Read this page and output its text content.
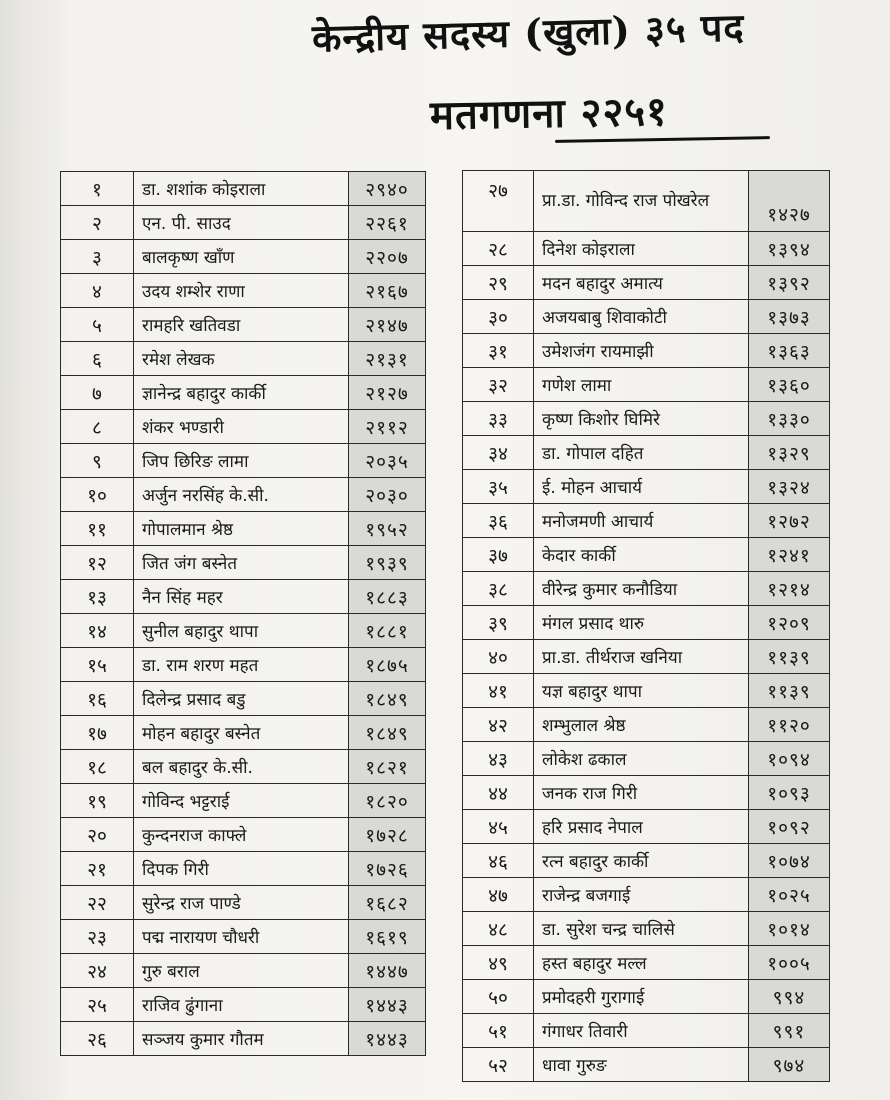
केन्द्रीय सदस्य (खुला) ३५ पद
मतगणना २२५१
१	डा. शशांक कोइराला	२९४०
२	एन. पी. साउद	२२६१
३	बालकृष्ण खाँण	२२०७
४	उदय शम्शेर राणा	२१६७
५	रामहरि खतिवडा	२१४७
६	रमेश लेखक	२१३१
७	ज्ञानेन्द्र बहादुर कार्की	२१२७
८	शंकर भण्डारी	२११२
९	जिप छिरिङ लामा	२०३५
१०	अर्जुन नरसिंह के.सी.	२०३०
११	गोपालमान श्रेष्ठ	१९५२
१२	जित जंग बस्नेत	१९३९
१३	नैन सिंह महर	१८८३
१४	सुनील बहादुर थापा	१८८१
१५	डा. राम शरण महत	१८७५
१६	दिलेन्द्र प्रसाद बडु	१८४९
१७	मोहन बहादुर बस्नेत	१८४९
१८	बल बहादुर के.सी.	१८२१
१९	गोविन्द भट्टराई	१८२०
२०	कुन्दनराज काफ्ले	१७२८
२१	दिपक गिरी	१७२६
२२	सुरेन्द्र राज पाण्डे	१६८२
२३	पद्म नारायण चौधरी	१६१९
२४	गुरु बराल	१४४७
२५	राजिव ढुंगाना	१४४३
२६	सञ्जय कुमार गौतम	१४४३
२७	प्रा.डा. गोविन्द राज पोखरेल	१४२७
२८	दिनेश कोइराला	१३९४
२९	मदन बहादुर अमात्य	१३९२
३०	अजयबाबु शिवाकोटी	१३७३
३१	उमेशजंग रायमाझी	१३६३
३२	गणेश लामा	१३६०
३३	कृष्ण किशोर घिमिरे	१३३०
३४	डा. गोपाल दहित	१३२९
३५	ई. मोहन आचार्य	१३२४
३६	मनोजमणी आचार्य	१२७२
३७	केदार कार्की	१२४१
३८	वीरेन्द्र कुमार कनौडिया	१२१४
३९	मंगल प्रसाद थारु	१२०९
४०	प्रा.डा. तीर्थराज खनिया	११३९
४१	यज्ञ बहादुर थापा	११३९
४२	शम्भुलाल श्रेष्ठ	११२०
४३	लोकेश ढकाल	१०९४
४४	जनक राज गिरी	१०९३
४५	हरि प्रसाद नेपाल	१०९२
४६	रत्न बहादुर कार्की	१०७४
४७	राजेन्द्र बजगाई	१०२५
४८	डा. सुरेश चन्द्र चालिसे	१०१४
४९	हस्त बहादुर मल्ल	१००५
५०	प्रमोदहरी गुरागाई	९९४
५१	गंगाधर तिवारी	९९१
५२	धावा गुरुङ	९७४
